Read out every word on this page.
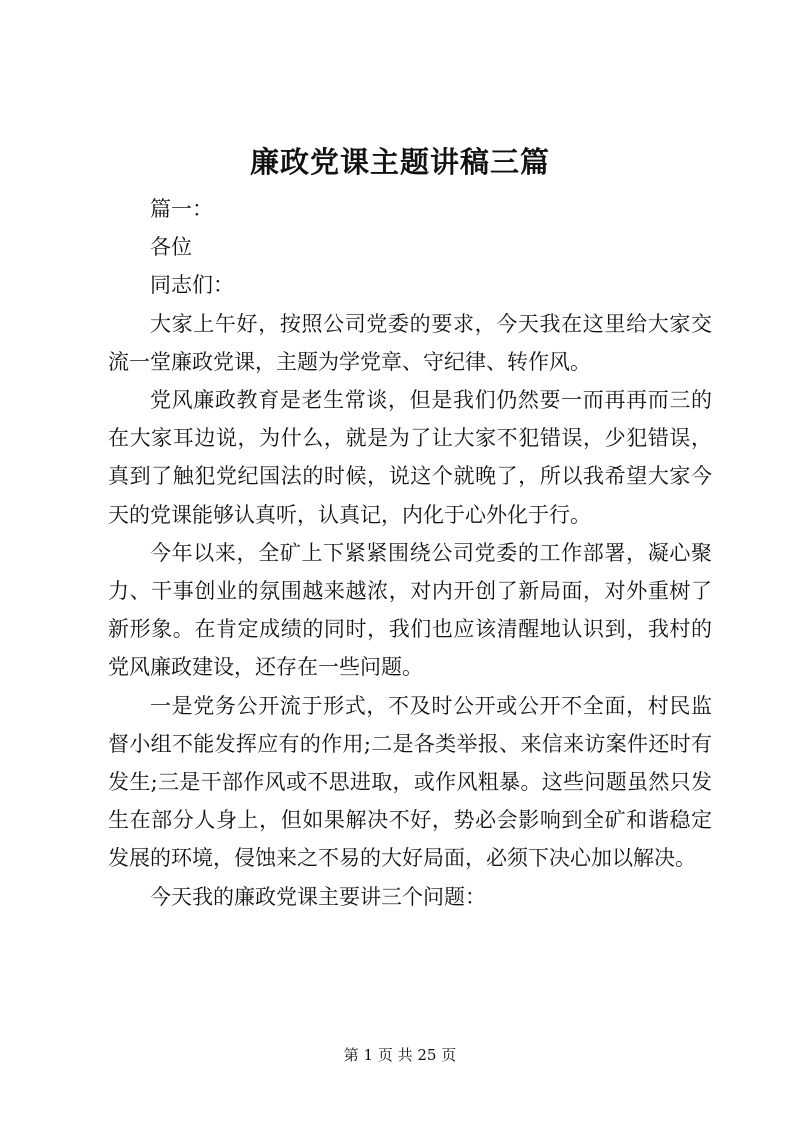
廉政党课主题讲稿三篇

篇一：

各位

同志们：

大家上午好，按照公司党委的要求，今天我在这里给大家交流一堂廉政党课，主题为学党章、守纪律、转作风。

党风廉政教育是老生常谈，但是我们仍然要一而再再而三的在大家耳边说，为什么，就是为了让大家不犯错误，少犯错误，真到了触犯党纪国法的时候，说这个就晚了，所以我希望大家今天的党课能够认真听，认真记，内化于心外化于行。

今年以来，全矿上下紧紧围绕公司党委的工作部署，凝心聚力、干事创业的氛围越来越浓，对内开创了新局面，对外重树了新形象。在肯定成绩的同时，我们也应该清醒地认识到，我村的党风廉政建设，还存在一些问题。

一是党务公开流于形式，不及时公开或公开不全面，村民监督小组不能发挥应有的作用;二是各类举报、来信来访案件还时有发生;三是干部作风或不思进取，或作风粗暴。这些问题虽然只发生在部分人身上，但如果解决不好，势必会影响到全矿和谐稳定发展的环境，侵蚀来之不易的大好局面，必须下决心加以解决。

今天我的廉政党课主要讲三个问题：

第 1 页 共 25 页
